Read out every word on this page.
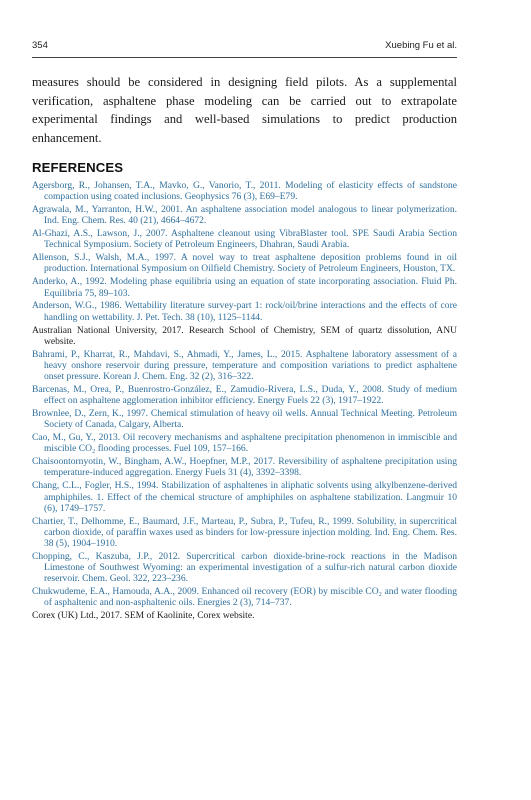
354	Xuebing Fu et al.

measures should be considered in designing field pilots. As a supplemental verification, asphaltene phase modeling can be carried out to extrapolate experimental findings and well-based simulations to predict production enhancement.

REFERENCES
Agersborg, R., Johansen, T.A., Mavko, G., Vanorio, T., 2011. Modeling of elasticity effects of sandstone compaction using coated inclusions. Geophysics 76 (3), E69–E79.
Agrawala, M., Yarranton, H.W., 2001. An asphaltene association model analogous to linear polymerization. Ind. Eng. Chem. Res. 40 (21), 4664–4672.
Al-Ghazi, A.S., Lawson, J., 2007. Asphaltene cleanout using VibraBlaster tool. SPE Saudi Arabia Section Technical Symposium. Society of Petroleum Engineers, Dhahran, Saudi Arabia.
Allenson, S.J., Walsh, M.A., 1997. A novel way to treat asphaltene deposition problems found in oil production. International Symposium on Oilfield Chemistry. Society of Petroleum Engineers, Houston, TX.
Anderko, A., 1992. Modeling phase equilibria using an equation of state incorporating association. Fluid Ph. Equilibria 75, 89–103.
Anderson, W.G., 1986. Wettability literature survey-part 1: rock/oil/brine interactions and the effects of core handling on wettability. J. Pet. Tech. 38 (10), 1125–1144.
Australian National University, 2017. Research School of Chemistry, SEM of quartz dissolution, ANU website.
Bahrami, P., Kharrat, R., Mahdavi, S., Ahmadi, Y., James, L., 2015. Asphaltene laboratory assessment of a heavy onshore reservoir during pressure, temperature and composition variations to predict asphaltene onset pressure. Korean J. Chem. Eng. 32 (2), 316–322.
Barcenas, M., Orea, P., Buenrostro-González, E., Zamudio-Rivera, L.S., Duda, Y., 2008. Study of medium effect on asphaltene agglomeration inhibitor efficiency. Energy Fuels 22 (3), 1917–1922.
Brownlee, D., Zern, K., 1997. Chemical stimulation of heavy oil wells. Annual Technical Meeting. Petroleum Society of Canada, Calgary, Alberta.
Cao, M., Gu, Y., 2013. Oil recovery mechanisms and asphaltene precipitation phenomenon in immiscible and miscible CO₂ flooding processes. Fuel 109, 157–166.
Chaisoontornyotin, W., Bingham, A.W., Hoepfner, M.P., 2017. Reversibility of asphaltene precipitation using temperature-induced aggregation. Energy Fuels 31 (4), 3392–3398.
Chang, C.L., Fogler, H.S., 1994. Stabilization of asphaltenes in aliphatic solvents using alkylbenzene-derived amphiphiles. 1. Effect of the chemical structure of amphiphiles on asphaltene stabilization. Langmuir 10 (6), 1749–1757.
Chartier, T., Delhomme, E., Baumard, J.F., Marteau, P., Subra, P., Tufeu, R., 1999. Solubility, in supercritical carbon dioxide, of paraffin waxes used as binders for low-pressure injection molding. Ind. Eng. Chem. Res. 38 (5), 1904–1910.
Chopping, C., Kaszuba, J.P., 2012. Supercritical carbon dioxide-brine-rock reactions in the Madison Limestone of Southwest Wyoming: an experimental investigation of a sulfur-rich natural carbon dioxide reservoir. Chem. Geol. 322, 223–236.
Chukwudeme, E.A., Hamouda, A.A., 2009. Enhanced oil recovery (EOR) by miscible CO₂ and water flooding of asphaltenic and non-asphaltenic oils. Energies 2 (3), 714–737.
Corex (UK) Ltd., 2017. SEM of Kaolinite, Corex website.
